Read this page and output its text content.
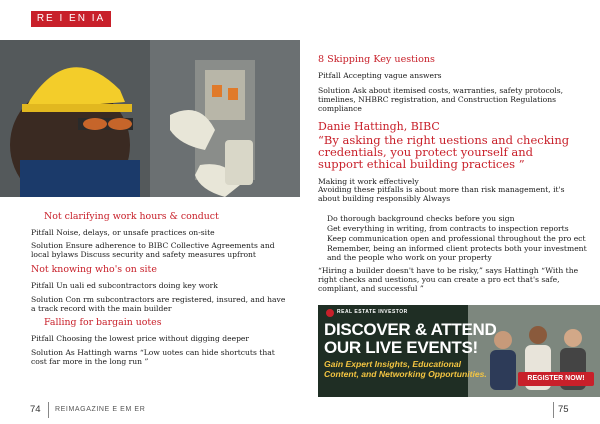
RE I EN IA
Not clarifying work hours & conduct
Pitfall Noise, delays, or unsafe practices on-site
Solution Ensure adherence to BIBC Collective Agreements and local bylaws Discuss security and safety measures upfront
Not knowing who's on site
Pitfall Un uali ed subcontractors doing key work
Solution Con rm subcontractors are registered, insured, and have a track record with the main builder
Falling for bargain uotes
Pitfall Choosing the lowest price without digging deeper
Solution As Hattingh warns “Low uotes can hide shortcuts that cost far more in the long run ”
74 REIMAGAZINE E EM ER
8 Skipping Key uestions
Pitfall Accepting vague answers
Solution Ask about itemised costs, warranties, safety protocols, timelines, NHBRC registration, and Construction Regulations compliance
Danie Hattingh, BIBC
“By asking the right uestions and checking credentials, you protect yourself and support ethical building practices ”
Making it work effectively
Avoiding these pitfalls is about more than risk management, it's about building responsibly Always
Do thorough background checks before you sign
Get everything in writing, from contracts to inspection reports
Keep communication open and professional throughout the pro ect
Remember, being an informed client protects both your investment and the people who work on your property
“Hiring a builder doesn't have to be risky,” says Hattingh “With the right checks and uestions, you can create a pro ect that's safe, compliant, and successful ”
REAL ESTATE INVESTOR
DISCOVER & ATTEND
OUR LIVE EVENTS!
Gain Expert Insights, Educational
Content, and Networking Opportunities.	REGISTER NOW!
75
